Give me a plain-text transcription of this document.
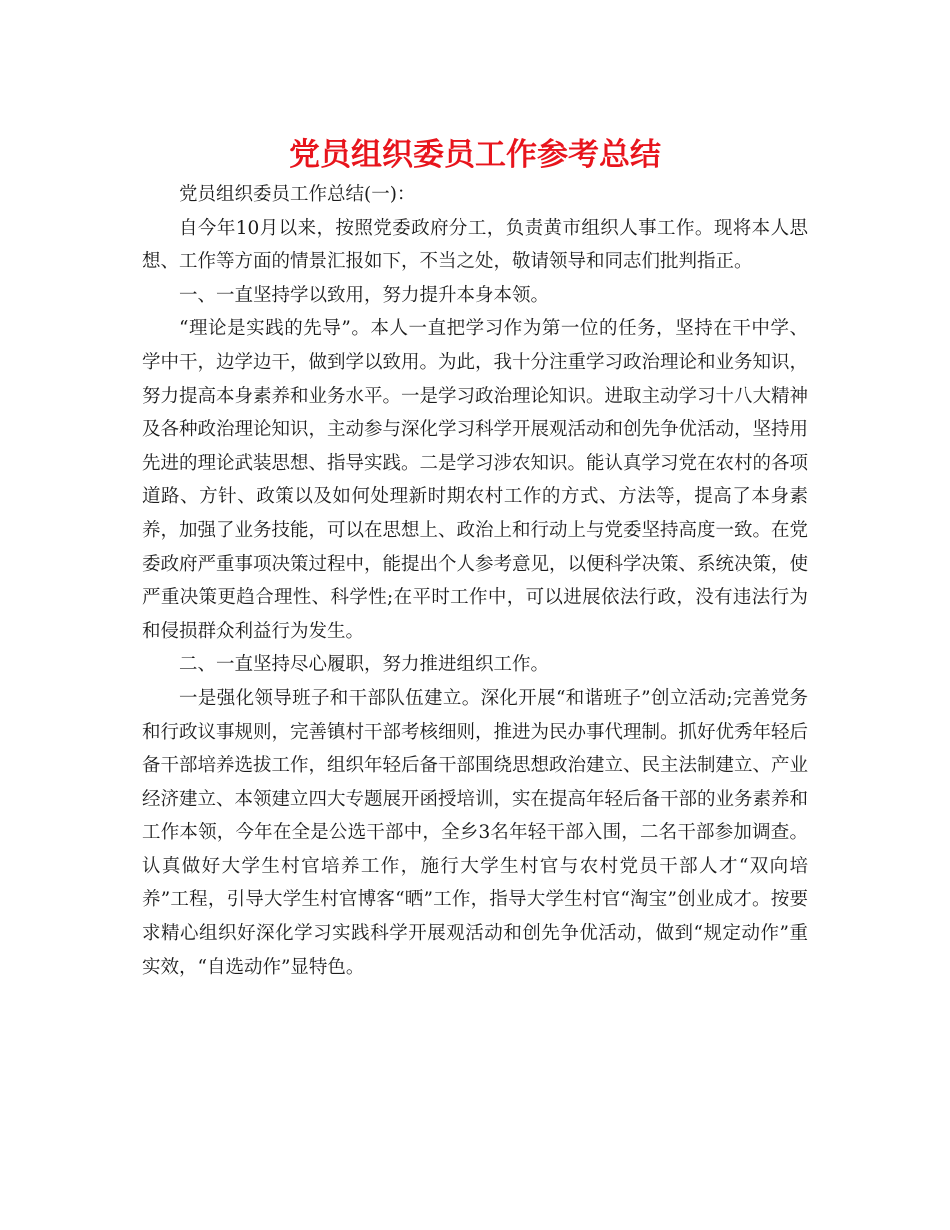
党员组织委员工作参考总结

党员组织委员工作总结(一)：

自今年10月以来，按照党委政府分工，负责黄市组织人事工作。现将本人思想、工作等方面的情景汇报如下，不当之处，敬请领导和同志们批判指正。

一、一直坚持学以致用，努力提升本身本领。

“理论是实践的先导”。本人一直把学习作为第一位的任务，坚持在干中学、学中干，边学边干，做到学以致用。为此，我十分注重学习政治理论和业务知识，努力提高本身素养和业务水平。一是学习政治理论知识。进取主动学习十八大精神及各种政治理论知识，主动参与深化学习科学开展观活动和创先争优活动，坚持用先进的理论武装思想、指导实践。二是学习涉农知识。能认真学习党在农村的各项道路、方针、政策以及如何处理新时期农村工作的方式、方法等，提高了本身素养，加强了业务技能，可以在思想上、政治上和行动上与党委坚持高度一致。在党委政府严重事项决策过程中，能提出个人参考意见，以便科学决策、系统决策，使严重决策更趋合理性、科学性;在平时工作中，可以进展依法行政，没有违法行为和侵损群众利益行为发生。

二、一直坚持尽心履职，努力推进组织工作。

一是强化领导班子和干部队伍建立。深化开展“和谐班子”创立活动;完善党务和行政议事规则，完善镇村干部考核细则，推进为民办事代理制。抓好优秀年轻后备干部培养选拔工作，组织年轻后备干部围绕思想政治建立、民主法制建立、产业经济建立、本领建立四大专题展开函授培训，实在提高年轻后备干部的业务素养和工作本领，今年在全是公选干部中，全乡3名年轻干部入围，二名干部参加调查。认真做好大学生村官培养工作，施行大学生村官与农村党员干部人才“双向培养”工程，引导大学生村官博客“晒”工作，指导大学生村官“淘宝”创业成才。按要求精心组织好深化学习实践科学开展观活动和创先争优活动，做到“规定动作”重实效，“自选动作”显特色。
